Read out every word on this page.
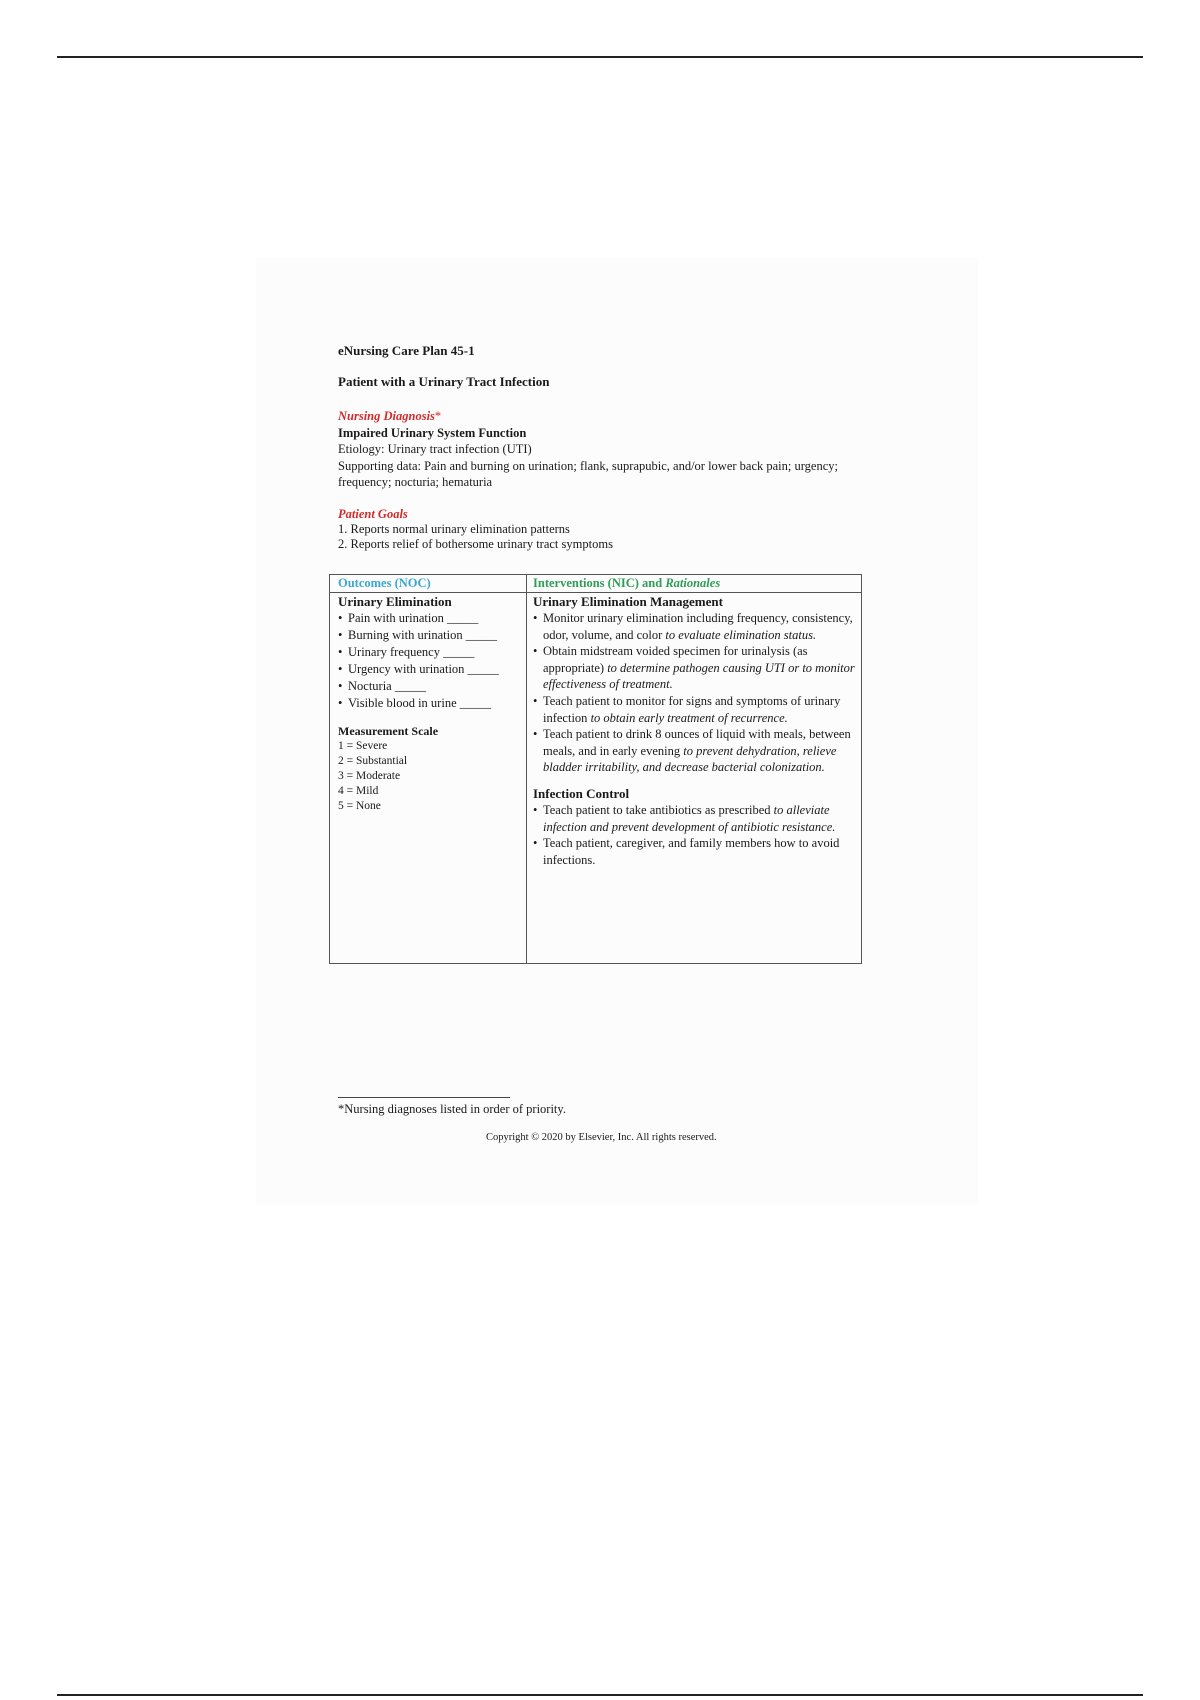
eNursing Care Plan 45-1
Patient with a Urinary Tract Infection
Nursing Diagnosis*
Impaired Urinary System Function
Etiology: Urinary tract infection (UTI)
Supporting data: Pain and burning on urination; flank, suprapubic, and/or lower back pain; urgency; frequency; nocturia; hematuria
Patient Goals
1. Reports normal urinary elimination patterns
2. Reports relief of bothersome urinary tract symptoms
Outcomes (NOC)	Interventions (NIC) and Rationales
Urinary Elimination
• Pain with urination _____
• Burning with urination _____
• Urinary frequency _____
• Urgency with urination _____
• Nocturia _____
• Visible blood in urine _____
Measurement Scale
1 = Severe
2 = Substantial
3 = Moderate
4 = Mild
5 = None
Urinary Elimination Management
• Monitor urinary elimination including frequency, consistency, odor, volume, and color to evaluate elimination status.
• Obtain midstream voided specimen for urinalysis (as appropriate) to determine pathogen causing UTI or to monitor effectiveness of treatment.
• Teach patient to monitor for signs and symptoms of urinary infection to obtain early treatment of recurrence.
• Teach patient to drink 8 ounces of liquid with meals, between meals, and in early evening to prevent dehydration, relieve bladder irritability, and decrease bacterial colonization.
Infection Control
• Teach patient to take antibiotics as prescribed to alleviate infection and prevent development of antibiotic resistance.
• Teach patient, caregiver, and family members how to avoid infections.
*Nursing diagnoses listed in order of priority.
Copyright © 2020 by Elsevier, Inc. All rights reserved.
